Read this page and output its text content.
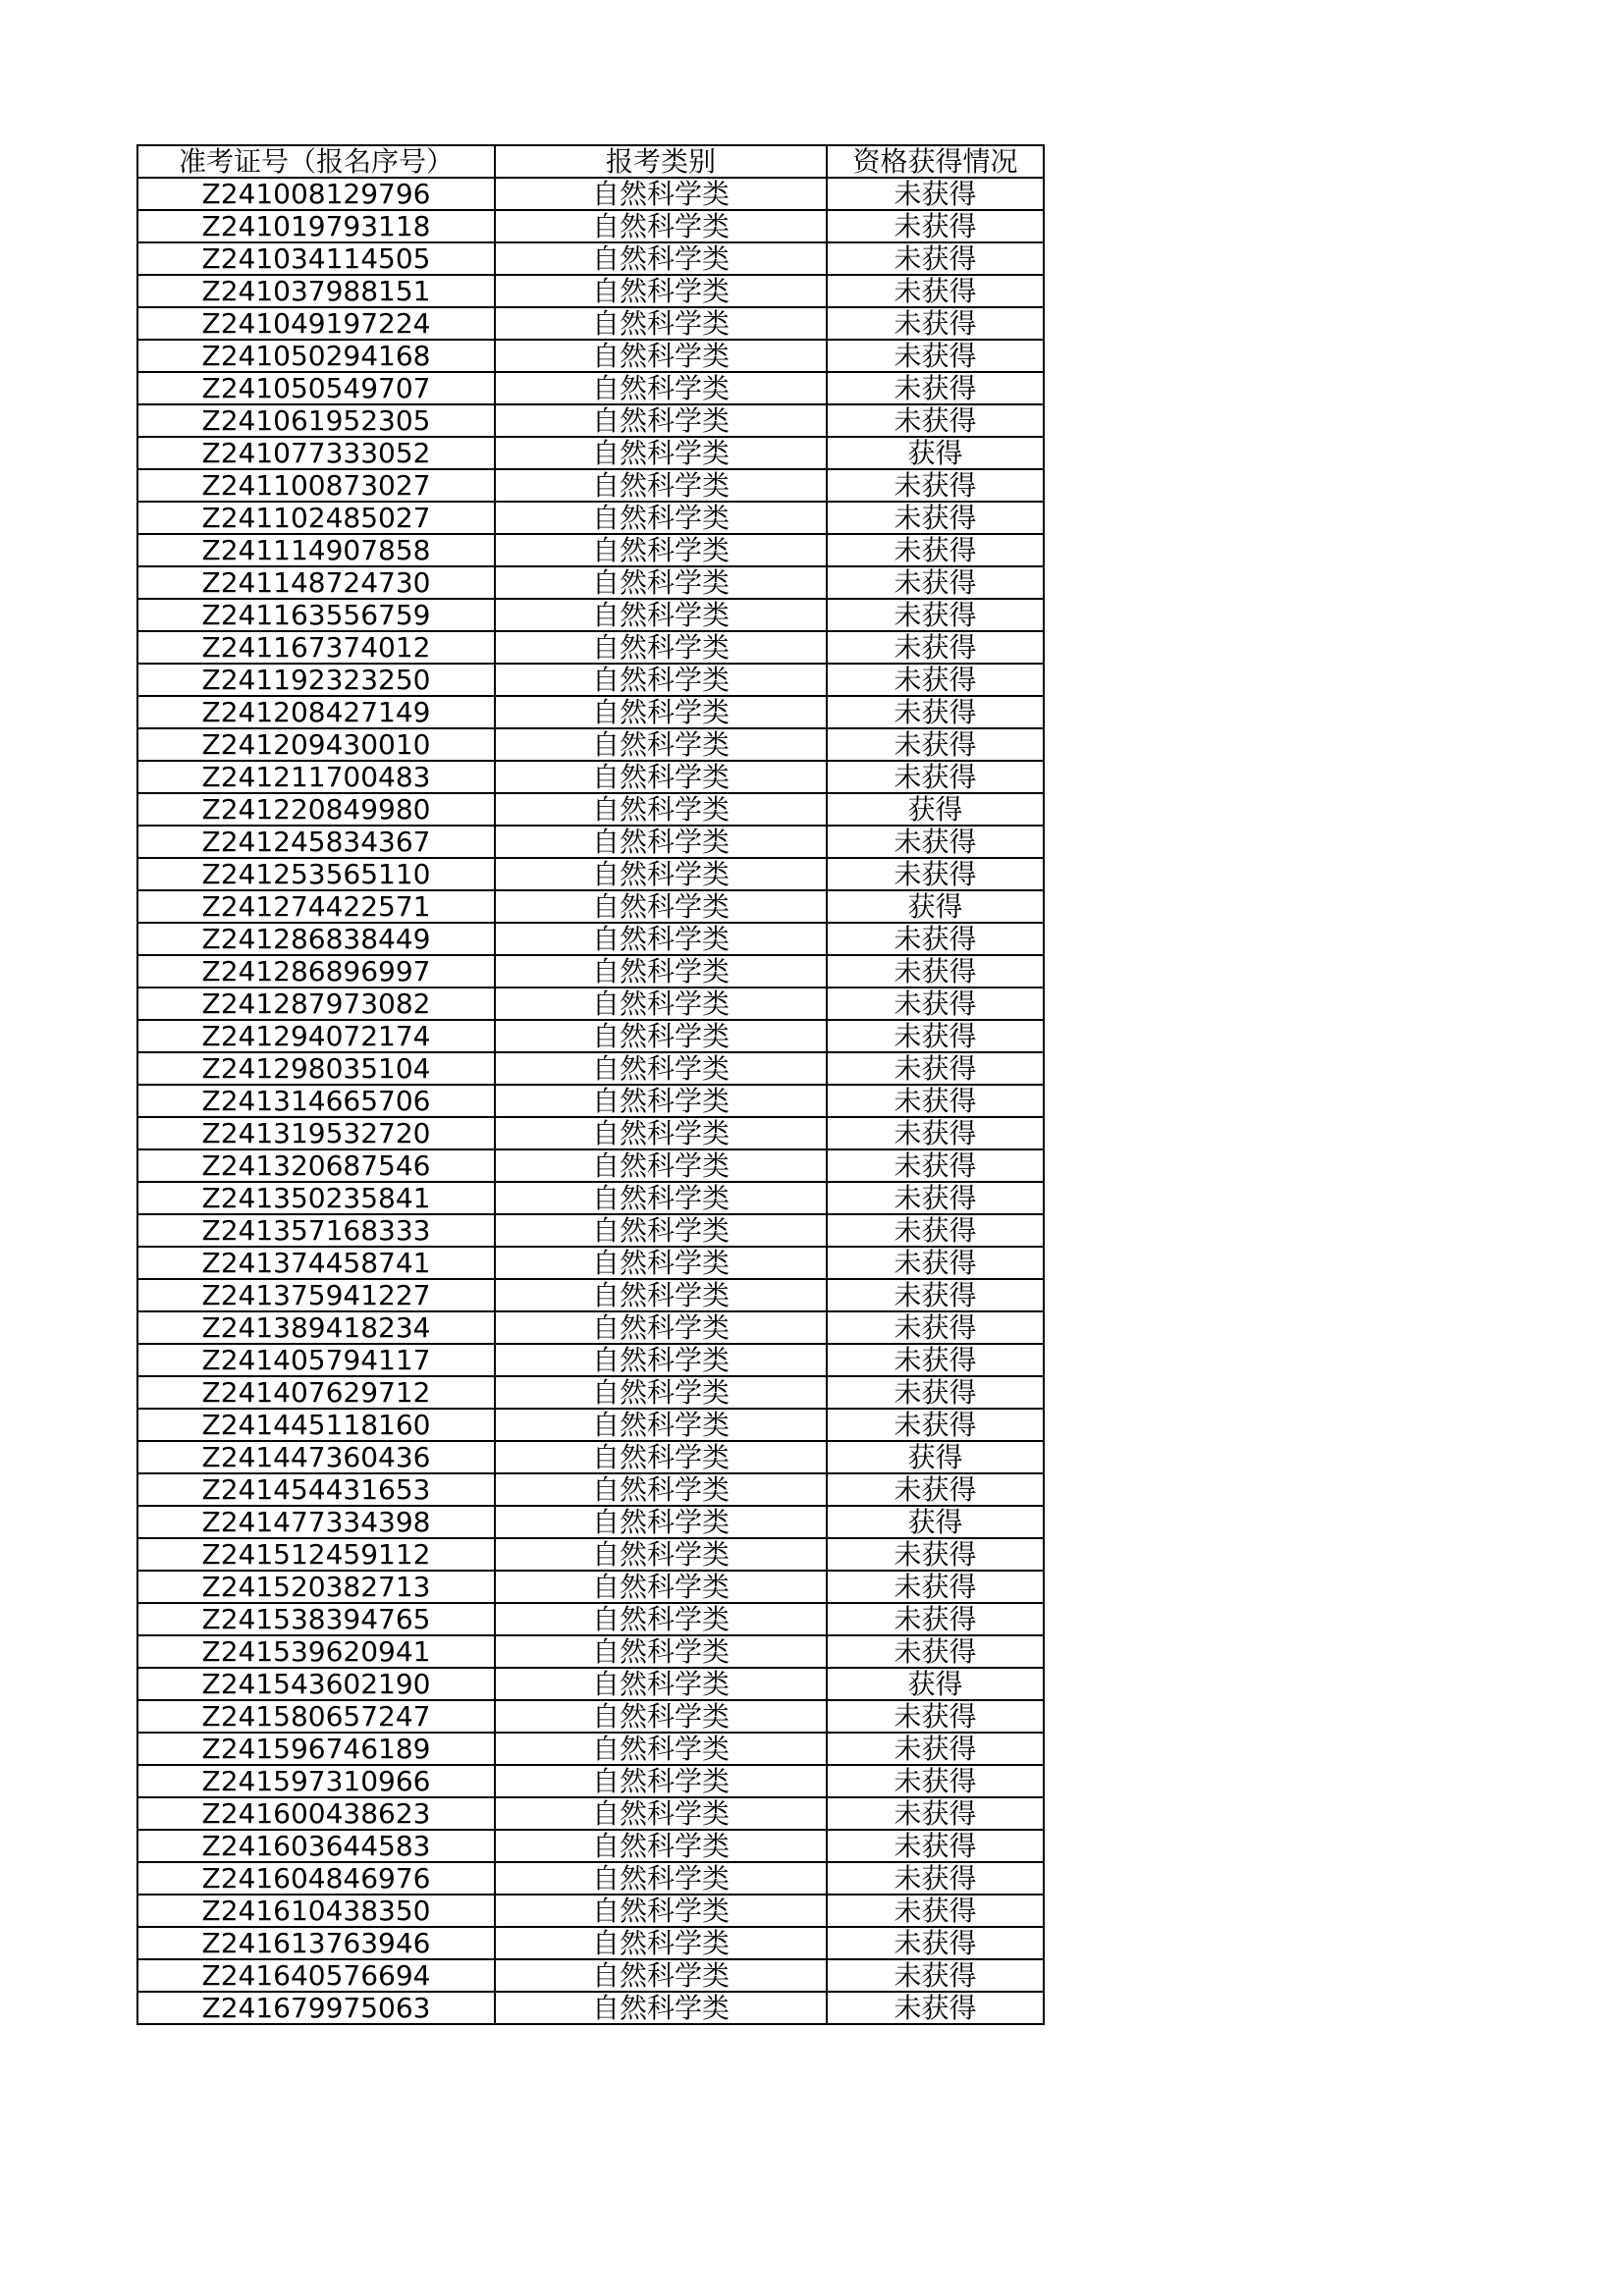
准考证号（报名序号）	报考类别	资格获得情况
Z241008129796	自然科学类	未获得
Z241019793118	自然科学类	未获得
Z241034114505	自然科学类	未获得
Z241037988151	自然科学类	未获得
Z241049197224	自然科学类	未获得
Z241050294168	自然科学类	未获得
Z241050549707	自然科学类	未获得
Z241061952305	自然科学类	未获得
Z241077333052	自然科学类	获得
Z241100873027	自然科学类	未获得
Z241102485027	自然科学类	未获得
Z241114907858	自然科学类	未获得
Z241148724730	自然科学类	未获得
Z241163556759	自然科学类	未获得
Z241167374012	自然科学类	未获得
Z241192323250	自然科学类	未获得
Z241208427149	自然科学类	未获得
Z241209430010	自然科学类	未获得
Z241211700483	自然科学类	未获得
Z241220849980	自然科学类	获得
Z241245834367	自然科学类	未获得
Z241253565110	自然科学类	未获得
Z241274422571	自然科学类	获得
Z241286838449	自然科学类	未获得
Z241286896997	自然科学类	未获得
Z241287973082	自然科学类	未获得
Z241294072174	自然科学类	未获得
Z241298035104	自然科学类	未获得
Z241314665706	自然科学类	未获得
Z241319532720	自然科学类	未获得
Z241320687546	自然科学类	未获得
Z241350235841	自然科学类	未获得
Z241357168333	自然科学类	未获得
Z241374458741	自然科学类	未获得
Z241375941227	自然科学类	未获得
Z241389418234	自然科学类	未获得
Z241405794117	自然科学类	未获得
Z241407629712	自然科学类	未获得
Z241445118160	自然科学类	未获得
Z241447360436	自然科学类	获得
Z241454431653	自然科学类	未获得
Z241477334398	自然科学类	获得
Z241512459112	自然科学类	未获得
Z241520382713	自然科学类	未获得
Z241538394765	自然科学类	未获得
Z241539620941	自然科学类	未获得
Z241543602190	自然科学类	获得
Z241580657247	自然科学类	未获得
Z241596746189	自然科学类	未获得
Z241597310966	自然科学类	未获得
Z241600438623	自然科学类	未获得
Z241603644583	自然科学类	未获得
Z241604846976	自然科学类	未获得
Z241610438350	自然科学类	未获得
Z241613763946	自然科学类	未获得
Z241640576694	自然科学类	未获得
Z241679975063	自然科学类	未获得
